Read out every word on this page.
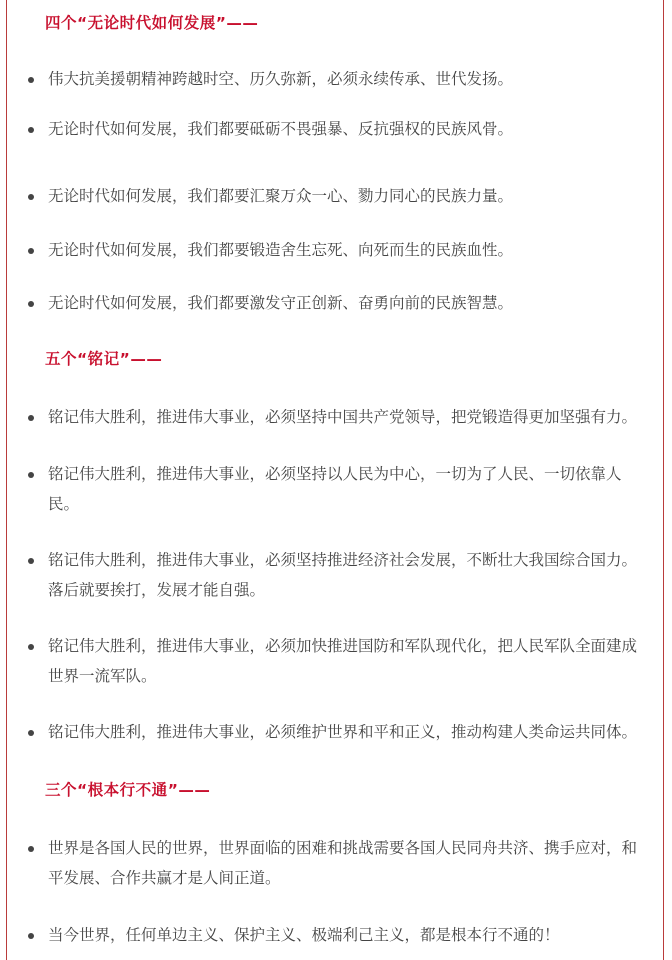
四个“无论时代如何发展”——
伟大抗美援朝精神跨越时空、历久弥新，必须永续传承、世代发扬。
无论时代如何发展，我们都要砥砺不畏强暴、反抗强权的民族风骨。
无论时代如何发展，我们都要汇聚万众一心、勠力同心的民族力量。
无论时代如何发展，我们都要锻造舍生忘死、向死而生的民族血性。
无论时代如何发展，我们都要激发守正创新、奋勇向前的民族智慧。
五个“铭记”——
铭记伟大胜利，推进伟大事业，必须坚持中国共产党领导，把党锻造得更加坚强有力。
铭记伟大胜利，推进伟大事业，必须坚持以人民为中心，一切为了人民、一切依靠人民。
铭记伟大胜利，推进伟大事业，必须坚持推进经济社会发展，不断壮大我国综合国力。落后就要挨打，发展才能自强。
铭记伟大胜利，推进伟大事业，必须加快推进国防和军队现代化，把人民军队全面建成世界一流军队。
铭记伟大胜利，推进伟大事业，必须维护世界和平和正义，推动构建人类命运共同体。
三个“根本行不通”——
世界是各国人民的世界，世界面临的困难和挑战需要各国人民同舟共济、携手应对，和平发展、合作共赢才是人间正道。
当今世界，任何单边主义、保护主义、极端利己主义，都是根本行不通的！
